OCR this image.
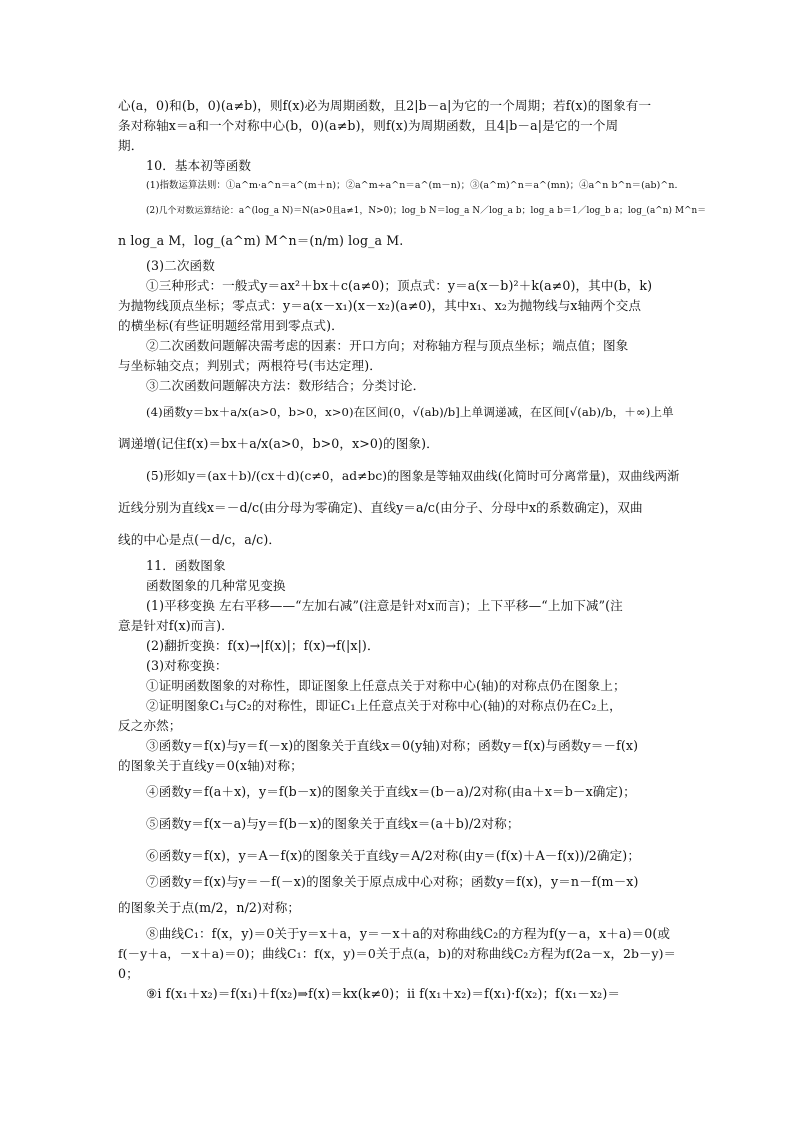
心(a，0)和(b，0)(a≠b)，则f(x)必为周期函数，且2|b－a|为它的一个周期；若f(x)的图象有一
条对称轴x＝a和一个对称中心(b，0)(a≠b)，则f(x)为周期函数，且4|b－a|是它的一个周
期．
10．基本初等函数
(1)指数运算法则：①a^m·a^n＝a^(m＋n)；②a^m÷a^n＝a^(m－n)；③(a^m)^n＝a^(mn)；④a^n b^n＝(ab)^n.
(2)几个对数运算结论：a^(log_a N)＝N(a>0且a≠1，N>0)；log_b N＝log_a N／log_a b；log_a b＝1／log_b a；log_(a^n) M^n＝
n log_a M，log_(a^m) M^n＝(n/m) log_a M.
(3)二次函数
①三种形式：一般式y＝ax²＋bx＋c(a≠0)；顶点式：y＝a(x－b)²＋k(a≠0)，其中(b，k)
为抛物线顶点坐标；零点式：y＝a(x－x₁)(x－x₂)(a≠0)，其中x₁、x₂为抛物线与x轴两个交点
的横坐标(有些证明题经常用到零点式)．
②二次函数问题解决需考虑的因素：开口方向；对称轴方程与顶点坐标；端点值；图象
与坐标轴交点；判别式；两根符号(韦达定理)．
③二次函数问题解决方法：数形结合；分类讨论．
(4)函数y＝bx＋a/x(a>0，b>0，x>0)在区间(0，√(ab)/b]上单调递减，在区间[√(ab)/b，＋∞)上单
调递增(记住f(x)＝bx＋a/x(a>0，b>0，x>0)的图象)．
(5)形如y＝(ax＋b)/(cx＋d)(c≠0，ad≠bc)的图象是等轴双曲线(化简时可分离常量)，双曲线两渐
近线分别为直线x＝－d/c(由分母为零确定)、直线y＝a/c(由分子、分母中x的系数确定)，双曲
线的中心是点(－d/c，a/c)．
11．函数图象
函数图象的几种常见变换
(1)平移变换 左右平移——“左加右减”(注意是针对x而言)；上下平移—“上加下减”(注
意是针对f(x)而言)．
(2)翻折变换：f(x)→|f(x)|；f(x)→f(|x|)．
(3)对称变换：
①证明函数图象的对称性，即证图象上任意点关于对称中心(轴)的对称点仍在图象上；
②证明图象C₁与C₂的对称性，即证C₁上任意点关于对称中心(轴)的对称点仍在C₂上，
反之亦然；
③函数y＝f(x)与y＝f(－x)的图象关于直线x＝0(y轴)对称；函数y＝f(x)与函数y＝－f(x)
的图象关于直线y＝0(x轴)对称；
④函数y＝f(a＋x)，y＝f(b－x)的图象关于直线x＝(b－a)/2对称(由a＋x＝b－x确定)；
⑤函数y＝f(x－a)与y＝f(b－x)的图象关于直线x＝(a＋b)/2对称；
⑥函数y＝f(x)，y＝A－f(x)的图象关于直线y＝A/2对称(由y＝(f(x)＋A－f(x))/2确定)；
⑦函数y＝f(x)与y＝－f(－x)的图象关于原点成中心对称；函数y＝f(x)，y＝n－f(m－x)
的图象关于点(m/2，n/2)对称；
⑧曲线C₁：f(x，y)＝0关于y＝x＋a，y＝－x＋a的对称曲线C₂的方程为f(y－a，x＋a)＝0(或
f(－y＋a，－x＋a)＝0)；曲线C₁：f(x，y)＝0关于点(a，b)的对称曲线C₂方程为f(2a－x，2b－y)＝
0；
⑨ⅰ f(x₁＋x₂)＝f(x₁)＋f(x₂)⇒f(x)＝kx(k≠0)；ⅱ f(x₁＋x₂)＝f(x₁)·f(x₂)；f(x₁－x₂)＝
